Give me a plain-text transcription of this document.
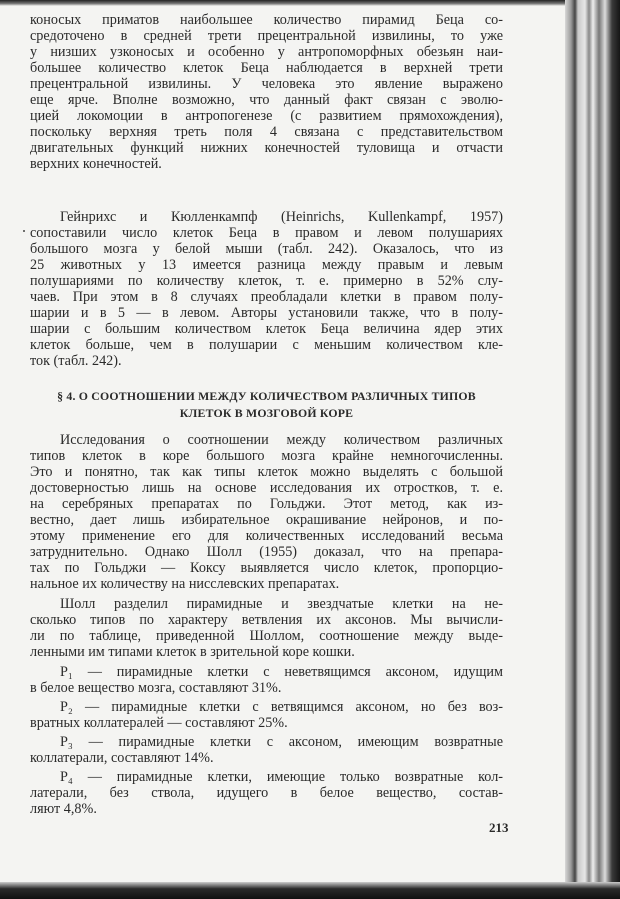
коносых приматов наибольшее количество пирамид Беца со-
средоточено в средней трети прецентральной извилины, то уже
у низших узконосых и особенно у антропоморфных обезьян наи-
большее количество клеток Беца наблюдается в верхней трети
прецентральной извилины. У человека это явление выражено
еще ярче. Вполне возможно, что данный факт связан с эволю-
цией локомоции в антропогенезе (с развитием прямохождения),
поскольку верхняя треть поля 4 связана с представительством
двигательных функций нижних конечностей туловища и отчасти
верхних конечностей.
Гейнрихс и Кюлленкампф (Heinrichs, Kullenkampf, 1957)
сопоставили число клеток Беца в правом и левом полушариях
большого мозга у белой мыши (табл. 242). Оказалось, что из
25 животных у 13 имеется разница между правым и левым
полушариями по количеству клеток, т. е. примерно в 52% слу-
чаев. При этом в 8 случаях преобладали клетки в правом полу-
шарии и в 5 — в левом. Авторы установили также, что в полу-
шарии с большим количеством клеток Беца величина ядер этих
клеток больше, чем в полушарии с меньшим количеством кле-
ток (табл. 242).
§ 4. О СООТНОШЕНИИ МЕЖДУ КОЛИЧЕСТВОМ РАЗЛИЧНЫХ ТИПОВ
КЛЕТОК В МОЗГОВОЙ КОРЕ
Исследования о соотношении между количеством различных
типов клеток в коре большого мозга крайне немногочисленны.
Это и понятно, так как типы клеток можно выделять с большой
достоверностью лишь на основе исследования их отростков, т. е.
на серебряных препаратах по Гольджи. Этот метод, как из-
вестно, дает лишь избирательное окрашивание нейронов, и по-
этому применение его для количественных исследований весьма
затруднительно. Однако Шолл (1955) доказал, что на препара-
тах по Гольджи — Коксу выявляется число клеток, пропорцио-
нальное их количеству на нисслевских препаратах.
Шолл разделил пирамидные и звездчатые клетки на не-
сколько типов по характеру ветвления их аксонов. Мы вычисли-
ли по таблице, приведенной Шоллом, соотношение между выде-
ленными им типами клеток в зрительной коре кошки.
P₁ — пирамидные клетки с неветвящимся аксоном, идущим
в белое вещество мозга, составляют 31%.
P₂ — пирамидные клетки с ветвящимся аксоном, но без воз-
вратных коллатералей — составляют 25%.
P₃ — пирамидные клетки с аксоном, имеющим возвратные
коллатерали, составляют 14%.
P₄ — пирамидные клетки, имеющие только возвратные кол-
латерали, без ствола, идущего в белое вещество, состав-
ляют 4,8%.
213
